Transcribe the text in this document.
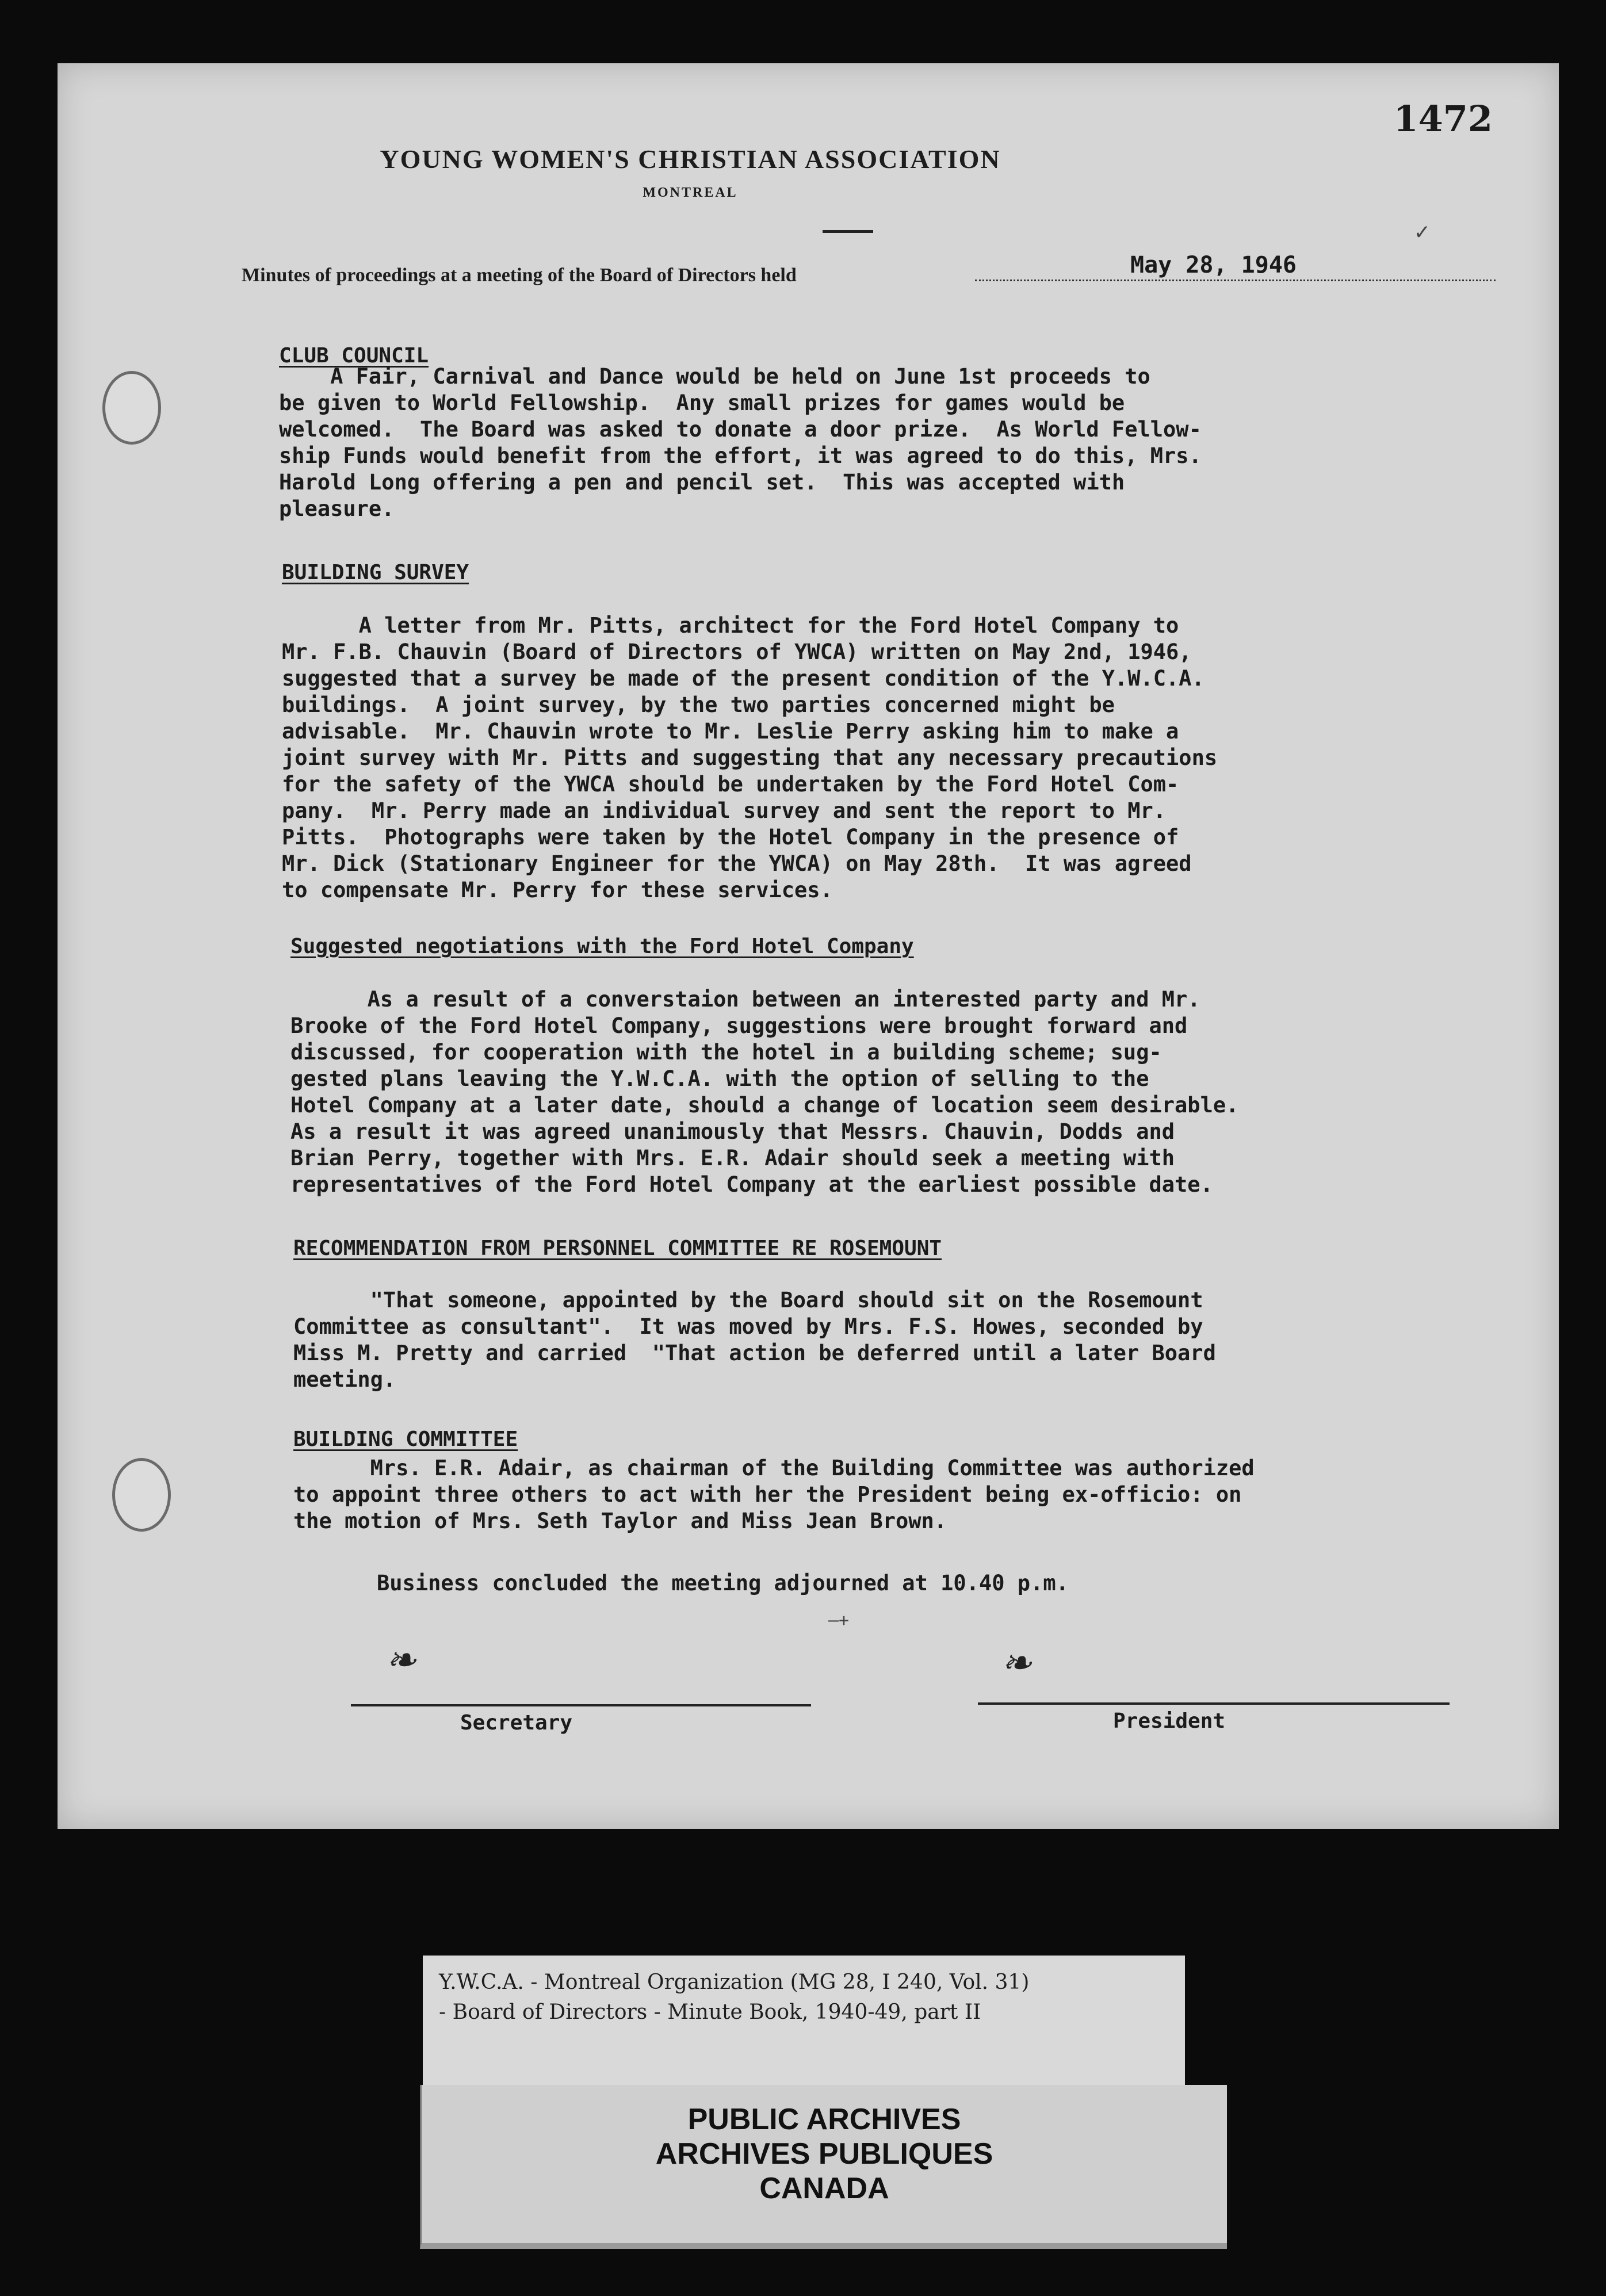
1472
YOUNG WOMEN'S CHRISTIAN ASSOCIATION
MONTREAL
✓
Minutes of proceedings at a meeting of the Board of Directors held	May 28, 1946
CLUB COUNCIL
A Fair, Carnival and Dance would be held on June 1st proceeds to
be given to World Fellowship.  Any small prizes for games would be
welcomed.  The Board was asked to donate a door prize.  As World Fellow-
ship Funds would benefit from the effort, it was agreed to do this, Mrs.
Harold Long offering a pen and pencil set.  This was accepted with
pleasure.
BUILDING SURVEY
A letter from Mr. Pitts, architect for the Ford Hotel Company to
Mr. F.B. Chauvin (Board of Directors of YWCA) written on May 2nd, 1946,
suggested that a survey be made of the present condition of the Y.W.C.A.
buildings.  A joint survey, by the two parties concerned might be
advisable.  Mr. Chauvin wrote to Mr. Leslie Perry asking him to make a
joint survey with Mr. Pitts and suggesting that any necessary precautions
for the safety of the YWCA should be undertaken by the Ford Hotel Com-
pany.  Mr. Perry made an individual survey and sent the report to Mr.
Pitts.  Photographs were taken by the Hotel Company in the presence of
Mr. Dick (Stationary Engineer for the YWCA) on May 28th.  It was agreed
to compensate Mr. Perry for these services.
Suggested negotiations with the Ford Hotel Company
As a result of a converstaion between an interested party and Mr.
Brooke of the Ford Hotel Company, suggestions were brought forward and
discussed, for cooperation with the hotel in a building scheme; sug-
gested plans leaving the Y.W.C.A. with the option of selling to the
Hotel Company at a later date, should a change of location seem desirable.
As a result it was agreed unanimously that Messrs. Chauvin, Dodds and
Brian Perry, together with Mrs. E.R. Adair should seek a meeting with
representatives of the Ford Hotel Company at the earliest possible date.
RECOMMENDATION FROM PERSONNEL COMMITTEE RE ROSEMOUNT
"That someone, appointed by the Board should sit on the Rosemount
Committee as consultant".  It was moved by Mrs. F.S. Howes, seconded by
Miss M. Pretty and carried  "That action be deferred until a later Board
meeting.
BUILDING COMMITTEE
Mrs. E.R. Adair, as chairman of the Building Committee was authorized
to appoint three others to act with her the President being ex-officio: on
the motion of Mrs. Seth Taylor and Miss Jean Brown.
Business concluded the meeting adjourned at 10.40 p.m.
—+
❧
Secretary
❧
President
Y.W.C.A. - Montreal Organization (MG 28, I 240, Vol. 31)
- Board of Directors - Minute Book, 1940-49, part II
PUBLIC ARCHIVES
ARCHIVES PUBLIQUES
CANADA
